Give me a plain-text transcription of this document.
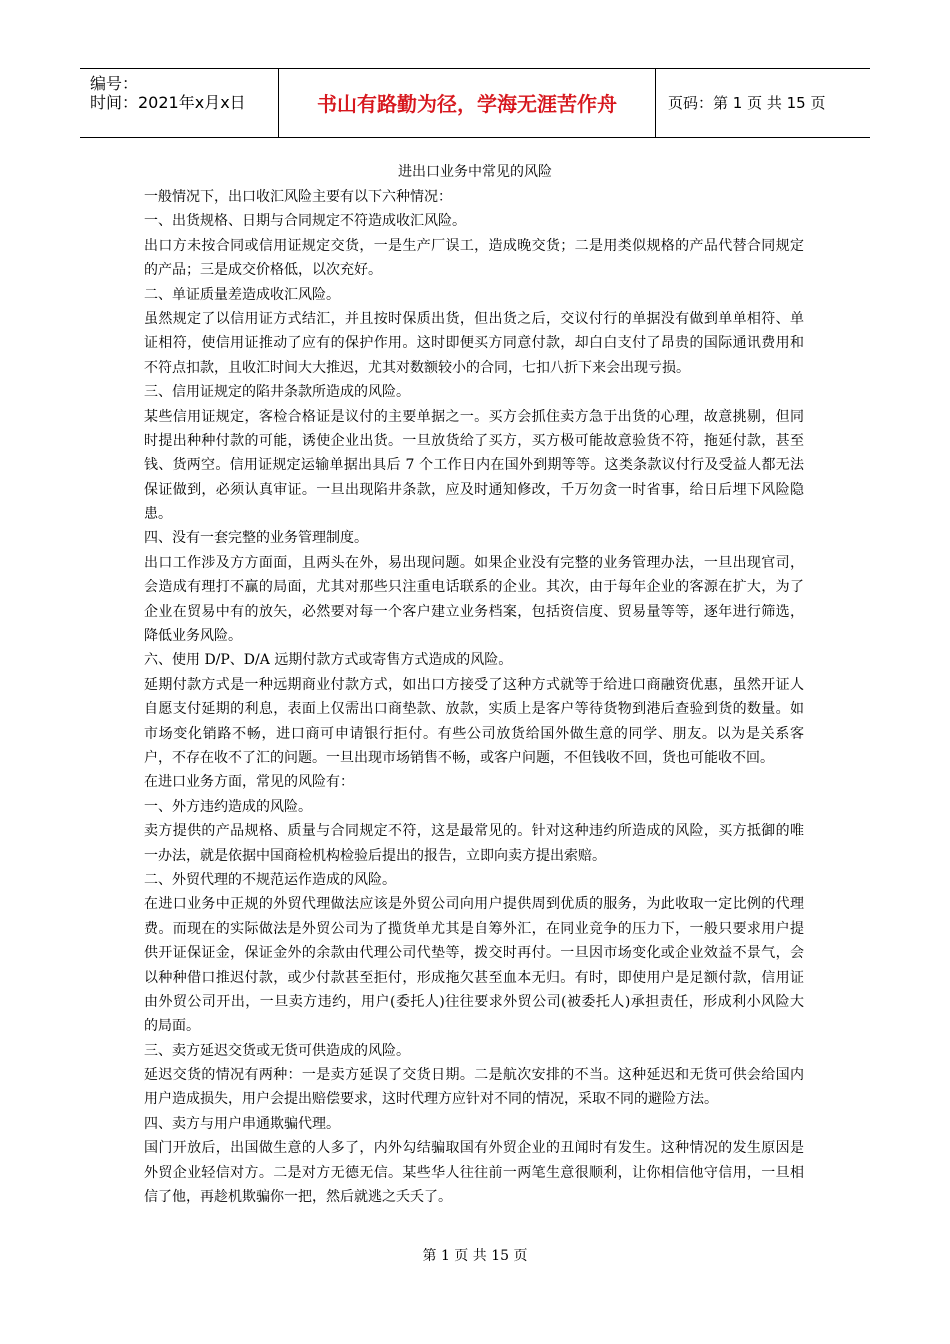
编号：
时间：2021年x月x日	书山有路勤为径，学海无涯苦作舟	页码：第 1 页 共 15 页
进出口业务中常见的风险
一般情况下，出口收汇风险主要有以下六种情况：
一、出货规格、日期与合同规定不符造成收汇风险。
出口方未按合同或信用证规定交货，一是生产厂误工，造成晚交货；二是用类似规格的产品代替合同规定
的产品；三是成交价格低，以次充好。
二、单证质量差造成收汇风险。
虽然规定了以信用证方式结汇，并且按时保质出货，但出货之后，交议付行的单据没有做到单单相符、单
证相符，使信用证推动了应有的保护作用。这时即便买方同意付款，却白白支付了昂贵的国际通讯费用和
不符点扣款，且收汇时间大大推迟，尤其对数额较小的合同，七扣八折下来会出现亏损。
三、信用证规定的陷井条款所造成的风险。
某些信用证规定，客检合格证是议付的主要单据之一。买方会抓住卖方急于出货的心理，故意挑剔，但同
时提出种种付款的可能，诱使企业出货。一旦放货给了买方，买方极可能故意验货不符，拖延付款，甚至
钱、货两空。信用证规定运输单据出具后 7 个工作日内在国外到期等等。这类条款议付行及受益人都无法
保证做到，必须认真审证。一旦出现陷井条款，应及时通知修改，千万勿贪一时省事，给日后埋下风险隐
患。
四、没有一套完整的业务管理制度。
出口工作涉及方方面面，且两头在外，易出现问题。如果企业没有完整的业务管理办法，一旦出现官司，
会造成有理打不赢的局面，尤其对那些只注重电话联系的企业。其次，由于每年企业的客源在扩大，为了
企业在贸易中有的放矢，必然要对每一个客户建立业务档案，包括资信度、贸易量等等，逐年进行筛选，
降低业务风险。
六、使用 D/P、D/A 远期付款方式或寄售方式造成的风险。
延期付款方式是一种远期商业付款方式，如出口方接受了这种方式就等于给进口商融资优惠，虽然开证人
自愿支付延期的利息，表面上仅需出口商垫款、放款，实质上是客户等待货物到港后查验到货的数量。如
市场变化销路不畅，进口商可申请银行拒付。有些公司放货给国外做生意的同学、朋友。以为是关系客
户，不存在收不了汇的问题。一旦出现市场销售不畅，或客户问题，不但钱收不回，货也可能收不回。
在进口业务方面，常见的风险有：
一、外方违约造成的风险。
卖方提供的产品规格、质量与合同规定不符，这是最常见的。针对这种违约所造成的风险，买方抵御的唯
一办法，就是依据中国商检机构检验后提出的报告，立即向卖方提出索赔。
二、外贸代理的不规范运作造成的风险。
在进口业务中正规的外贸代理做法应该是外贸公司向用户提供周到优质的服务，为此收取一定比例的代理
费。而现在的实际做法是外贸公司为了揽货单尤其是自筹外汇，在同业竞争的压力下，一般只要求用户提
供开证保证金，保证金外的余款由代理公司代垫等，拨交时再付。一旦因市场变化或企业效益不景气，会
以种种借口推迟付款，或少付款甚至拒付，形成拖欠甚至血本无归。有时，即使用户是足额付款，信用证
由外贸公司开出，一旦卖方违约，用户(委托人)往往要求外贸公司(被委托人)承担责任，形成利小风险大
的局面。
三、卖方延迟交货或无货可供造成的风险。
延迟交货的情况有两种：一是卖方延误了交货日期。二是航次安排的不当。这种延迟和无货可供会给国内
用户造成损失，用户会提出赔偿要求，这时代理方应针对不同的情况，采取不同的避险方法。
四、卖方与用户串通欺骗代理。
国门开放后，出国做生意的人多了，内外勾结骗取国有外贸企业的丑闻时有发生。这种情况的发生原因是
外贸企业轻信对方。二是对方无德无信。某些华人往往前一两笔生意很顺利，让你相信他守信用，一旦相
信了他，再趁机欺骗你一把，然后就逃之夭夭了。
第 1 页 共 15 页
